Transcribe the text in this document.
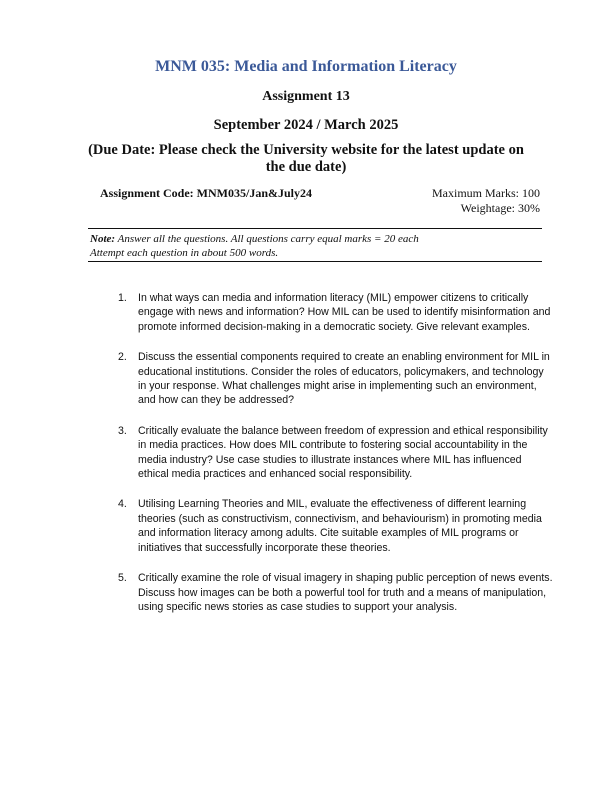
MNM 035: Media and Information Literacy
Assignment 13
September 2024 / March 2025
(Due Date: Please check the University website for the latest update on the due date)
Assignment Code: MNM035/Jan&July24	Maximum Marks: 100
Weightage: 30%
Note: Answer all the questions. All questions carry equal marks = 20 each
Attempt each question in about 500 words.
1. In what ways can media and information literacy (MIL) empower citizens to critically engage with news and information? How MIL can be used to identify misinformation and promote informed decision-making in a democratic society. Give relevant examples.
2. Discuss the essential components required to create an enabling environment for MIL in educational institutions. Consider the roles of educators, policymakers, and technology in your response. What challenges might arise in implementing such an environment, and how can they be addressed?
3. Critically evaluate the balance between freedom of expression and ethical responsibility in media practices. How does MIL contribute to fostering social accountability in the media industry? Use case studies to illustrate instances where MIL has influenced ethical media practices and enhanced social responsibility.
4. Utilising Learning Theories and MIL, evaluate the effectiveness of different learning theories (such as constructivism, connectivism, and behaviourism) in promoting media and information literacy among adults. Cite suitable examples of MIL programs or initiatives that successfully incorporate these theories.
5. Critically examine the role of visual imagery in shaping public perception of news events. Discuss how images can be both a powerful tool for truth and a means of manipulation, using specific news stories as case studies to support your analysis.
